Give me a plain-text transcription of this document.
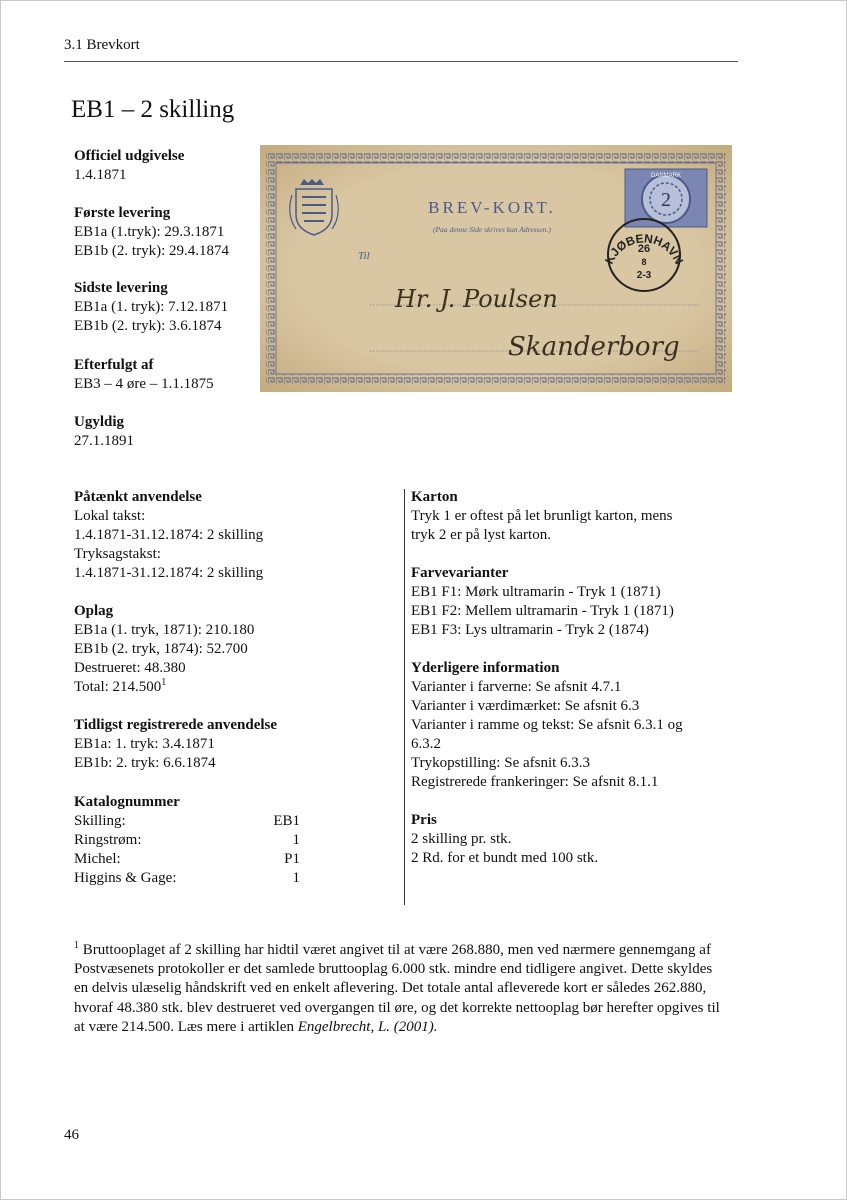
3.1 Brevkort
EB1 – 2 skilling
Officiel udgivelse
1.4.1871
Første levering
EB1a (1.tryk): 29.3.1871
EB1b (2. tryk): 29.4.1874
Sidste levering
EB1a (1. tryk): 7.12.1871
EB1b (2. tryk): 3.6.1874
Efterfulgt af
EB3 – 4 øre – 1.1.1875
Ugyldig
27.1.1891
BREV-KORT.
(Paa denne Side skrives kun Adressen.)
Til
Hr. J. Poulsen
Skanderborg
2
DANMARK
KJØBENHAVN
26
8
2-3
Påtænkt anvendelse
Lokal takst:
1.4.1871-31.12.1874: 2 skilling
Tryksagstakst:
1.4.1871-31.12.1874: 2 skilling
Oplag
EB1a (1. tryk, 1871): 210.180
EB1b (2. tryk, 1874): 52.700
Destrueret: 48.380
Total: 214.500$^1$
Tidligst registrerede anvendelse
EB1a: 1. tryk: 3.4.1871
EB1b: 2. tryk: 6.6.1874
Katalognummer
Skilling:	EB1
Ringstrøm:	1
Michel:	P1
Higgins & Gage:	1
Karton
Tryk 1 er oftest på let brunligt karton, mens
tryk 2 er på lyst karton.
Farvevarianter
EB1 F1: Mørk ultramarin - Tryk 1 (1871)
EB1 F2: Mellem ultramarin - Tryk 1 (1871)
EB1 F3: Lys ultramarin - Tryk 2 (1874)
Yderligere information
Varianter i farverne: Se afsnit 4.7.1
Varianter i værdimærket: Se afsnit 6.3
Varianter i ramme og tekst: Se afsnit 6.3.1 og
6.3.2
Trykopstilling: Se afsnit 6.3.3
Registrerede frankeringer: Se afsnit 8.1.1
Pris
2 skilling pr. stk.
2 Rd. for et bundt med 100 stk.
$^1$ Bruttooplaget af 2 skilling har hidtil været angivet til at være 268.880, men ved nærmere gennemgang af Postvæsenets protokoller er det samlede bruttooplag 6.000 stk. mindre end tidligere angivet. Dette skyldes en delvis ulæselig håndskrift ved en enkelt aflevering. Det totale antal afleverede kort er således 262.880, hvoraf 48.380 stk. blev destrueret ved overgangen til øre, og det korrekte nettooplag bør herefter opgives til at være 214.500. Læs mere i artiklen Engelbrecht, L. (2001).
46
